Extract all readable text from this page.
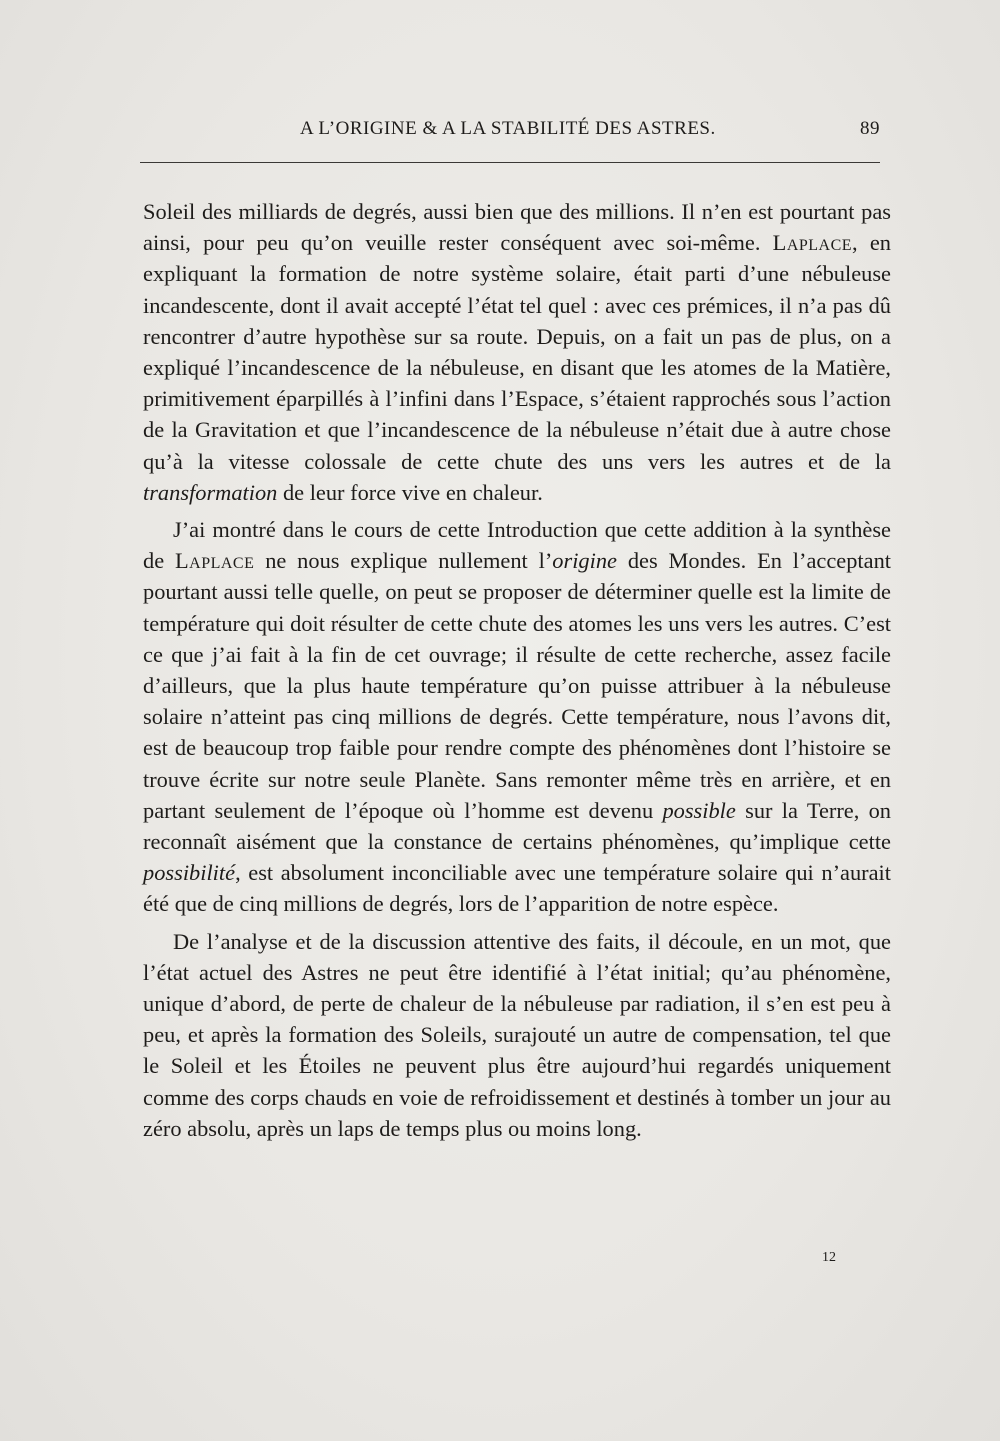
A L’ORIGINE & A LA STABILITÉ DES ASTRES.	89

Soleil des milliards de degrés, aussi bien que des millions. Il n’en est pourtant pas ainsi, pour peu qu’on veuille rester conséquent avec soi-même. Laplace, en expliquant la formation de notre système solaire, était parti d’une nébuleuse incandescente, dont il avait accepté l’état tel quel : avec ces prémices, il n’a pas dû rencontrer d’autre hypothèse sur sa route. Depuis, on a fait un pas de plus, on a expliqué l’incandescence de la nébuleuse, en disant que les atomes de la Matière, primitivement éparpillés à l’infini dans l’Espace, s’étaient rapprochés sous l’action de la Gravitation et que l’incandescence de la nébuleuse n’était due à autre chose qu’à la vitesse colossale de cette chute des uns vers les autres et de la transformation de leur force vive en chaleur.

J’ai montré dans le cours de cette Introduction que cette addition à la synthèse de Laplace ne nous explique nullement l’origine des Mondes. En l’acceptant pourtant aussi telle quelle, on peut se proposer de déterminer quelle est la limite de température qui doit résulter de cette chute des atomes les uns vers les autres. C’est ce que j’ai fait à la fin de cet ouvrage; il résulte de cette recherche, assez facile d’ailleurs, que la plus haute température qu’on puisse attribuer à la nébuleuse solaire n’atteint pas cinq millions de degrés. Cette température, nous l’avons dit, est de beaucoup trop faible pour rendre compte des phénomènes dont l’histoire se trouve écrite sur notre seule Planète. Sans remonter même très en arrière, et en partant seulement de l’époque où l’homme est devenu possible sur la Terre, on reconnaît aisément que la constance de certains phénomènes, qu’implique cette possibilité, est absolument inconciliable avec une température solaire qui n’aurait été que de cinq millions de degrés, lors de l’apparition de notre espèce.

De l’analyse et de la discussion attentive des faits, il découle, en un mot, que l’état actuel des Astres ne peut être identifié à l’état initial; qu’au phénomène, unique d’abord, de perte de chaleur de la nébuleuse par radiation, il s’en est peu à peu, et après la formation des Soleils, surajouté un autre de compensation, tel que le Soleil et les Étoiles ne peuvent plus être aujourd’hui regardés uniquement comme des corps chauds en voie de refroidissement et destinés à tomber un jour au zéro absolu, après un laps de temps plus ou moins long.

12
